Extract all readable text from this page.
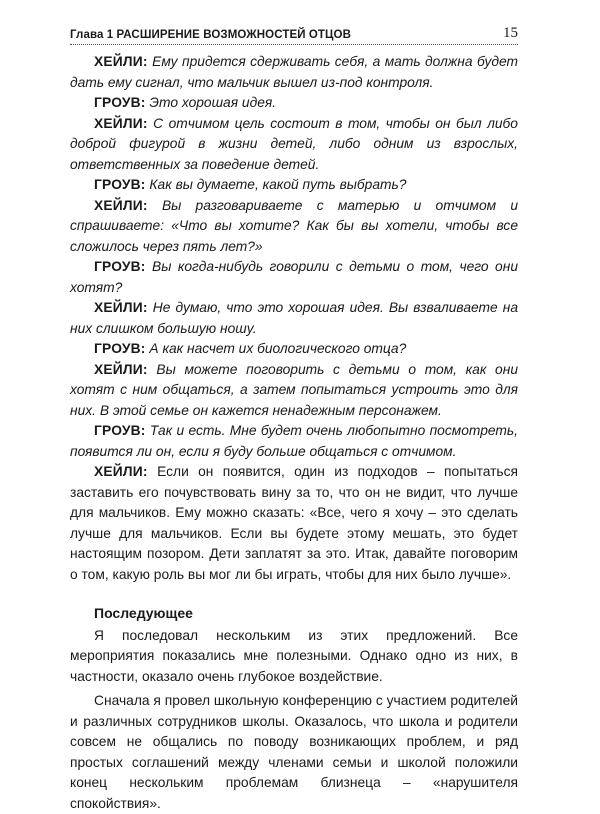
Глава 1 РАСШИРЕНИЕ ВОЗМОЖНОСТЕЙ ОТЦОВ	15

ХЕЙЛИ: Ему придется сдерживать себя, а мать должна будет дать ему сигнал, что мальчик вышел из-под контроля.

ГРОУВ: Это хорошая идея.

ХЕЙЛИ: С отчимом цель состоит в том, чтобы он был либо доброй фигурой в жизни детей, либо одним из взрослых, ответственных за поведение детей.

ГРОУВ: Как вы думаете, какой путь выбрать?

ХЕЙЛИ: Вы разговариваете с матерью и отчимом и спрашиваете: «Что вы хотите? Как бы вы хотели, чтобы все сложилось через пять лет?»

ГРОУВ: Вы когда-нибудь говорили с детьми о том, чего они хотят?

ХЕЙЛИ: Не думаю, что это хорошая идея. Вы взваливаете на них слишком большую ношу.

ГРОУВ: А как насчет их биологического отца?

ХЕЙЛИ: Вы можете поговорить с детьми о том, как они хотят с ним общаться, а затем попытаться устроить это для них. В этой семье он кажется ненадежным персонажем.

ГРОУВ: Так и есть. Мне будет очень любопытно посмотреть, появится ли он, если я буду больше общаться с отчимом.

ХЕЙЛИ: Если он появится, один из подходов – попытаться заставить его почувствовать вину за то, что он не видит, что лучше для мальчиков. Ему можно сказать: «Все, чего я хочу – это сделать лучше для мальчиков. Если вы будете этому мешать, это будет настоящим позором. Дети заплатят за это. Итак, давайте поговорим о том, какую роль вы мог ли бы играть, чтобы для них было лучше».

Последующее

Я последовал нескольким из этих предложений. Все мероприятия показались мне полезными. Однако одно из них, в частности, оказало очень глубокое воздействие.

Сначала я провел школьную конференцию с участием родителей и различных сотрудников школы. Оказалось, что школа и родители совсем не общались по поводу возникающих проблем, и ряд простых соглашений между членами семьи и школой положили конец нескольким проблемам близнеца – «нарушителя спокойствия».
